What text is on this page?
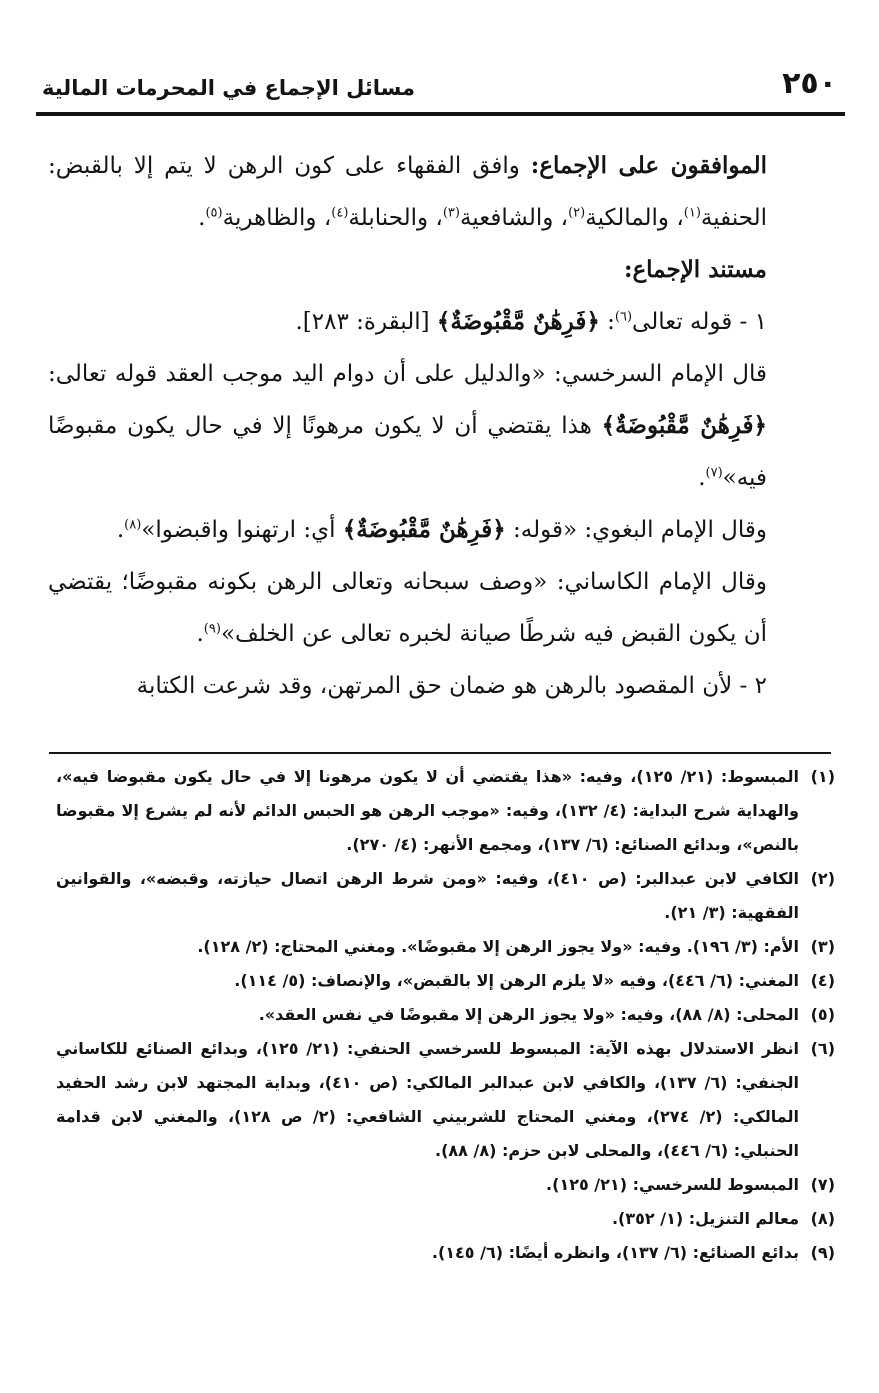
٢٥٠
مسائل الإجماع في المحرمات المالية

الموافقون على الإجماع: وافق الفقهاء على كون الرهن لا يتم إلا بالقبض: الحنفية$^{(١)}$، والمالكية$^{(٢)}$، والشافعية$^{(٣)}$، والحنابلة$^{(٤)}$، والظاهرية$^{(٥)}$.

مستند الإجماع:

١ - قوله تعالى$^{(٦)}$: ﴿فَرِهَٰنٌ مَّقْبُوضَةٌ﴾ [البقرة: ٢٨٣].

قال الإمام السرخسي: «والدليل على أن دوام اليد موجب العقد قوله تعالى: ﴿فَرِهَٰنٌ مَّقْبُوضَةٌ﴾ هذا يقتضي أن لا يكون مرهونًا إلا في حال يكون مقبوضًا فيه»$^{(٧)}$.

وقال الإمام البغوي: «قوله: ﴿فَرِهَٰنٌ مَّقْبُوضَةٌ﴾ أي: ارتهنوا واقبضوا»$^{(٨)}$.

وقال الإمام الكاساني: «وصف سبحانه وتعالى الرهن بكونه مقبوضًا؛ يقتضي أن يكون القبض فيه شرطًا صيانة لخبره تعالى عن الخلف»$^{(٩)}$.

٢ - لأن المقصود بالرهن هو ضمان حق المرتهن، وقد شرعت الكتابة

(١)
المبسوط: (٢١/ ١٢٥)، وفيه: «هذا يقتضي أن لا يكون مرهونا إلا في حال يكون مقبوضا فيه»، والهداية شرح البداية: (٤/ ١٣٢)، وفيه: «موجب الرهن هو الحبس الدائم لأنه لم يشرع إلا مقبوضا بالنص»، وبدائع الصنائع: (٦/ ١٣٧)، ومجمع الأنهر: (٤/ ٢٧٠).

(٢)
الكافي لابن عبدالبر: (ص ٤١٠)، وفيه: «ومن شرط الرهن اتصال حيازته، وقبضه»، والقوانين الفقهية: (٣/ ٢١).

(٣)
الأم: (٣/ ١٩٦). وفيه: «ولا يجوز الرهن إلا مقبوضًا». ومغني المحتاج: (٢/ ١٢٨).

(٤)
المغني: (٦/ ٤٤٦)، وفيه «لا يلزم الرهن إلا بالقبض»، والإنصاف: (٥/ ١١٤).

(٥)
المحلى: (٨/ ٨٨)، وفيه: «ولا يجوز الرهن إلا مقبوضًا في نفس العقد».

(٦)
انظر الاستدلال بهذه الآية: المبسوط للسرخسي الحنفي: (٢١/ ١٢٥)، وبدائع الصنائع للكاساني الجنفي: (٦/ ١٣٧)، والكافي لابن عبدالبر المالكي: (ص ٤١٠)، وبداية المجتهد لابن رشد الحفيد المالكي: (٢/ ٢٧٤)، ومغني المحتاج للشربيني الشافعي: (٢/ ص ١٢٨)، والمغني لابن قدامة الحنبلي: (٦/ ٤٤٦)، والمحلى لابن حزم: (٨/ ٨٨).

(٧)
المبسوط للسرخسي: (٢١/ ١٢٥).

(٨)
معالم التنزيل: (١/ ٣٥٢).

(٩)
بدائع الصنائع: (٦/ ١٣٧)، وانظره أيضًا: (٦/ ١٤٥).
